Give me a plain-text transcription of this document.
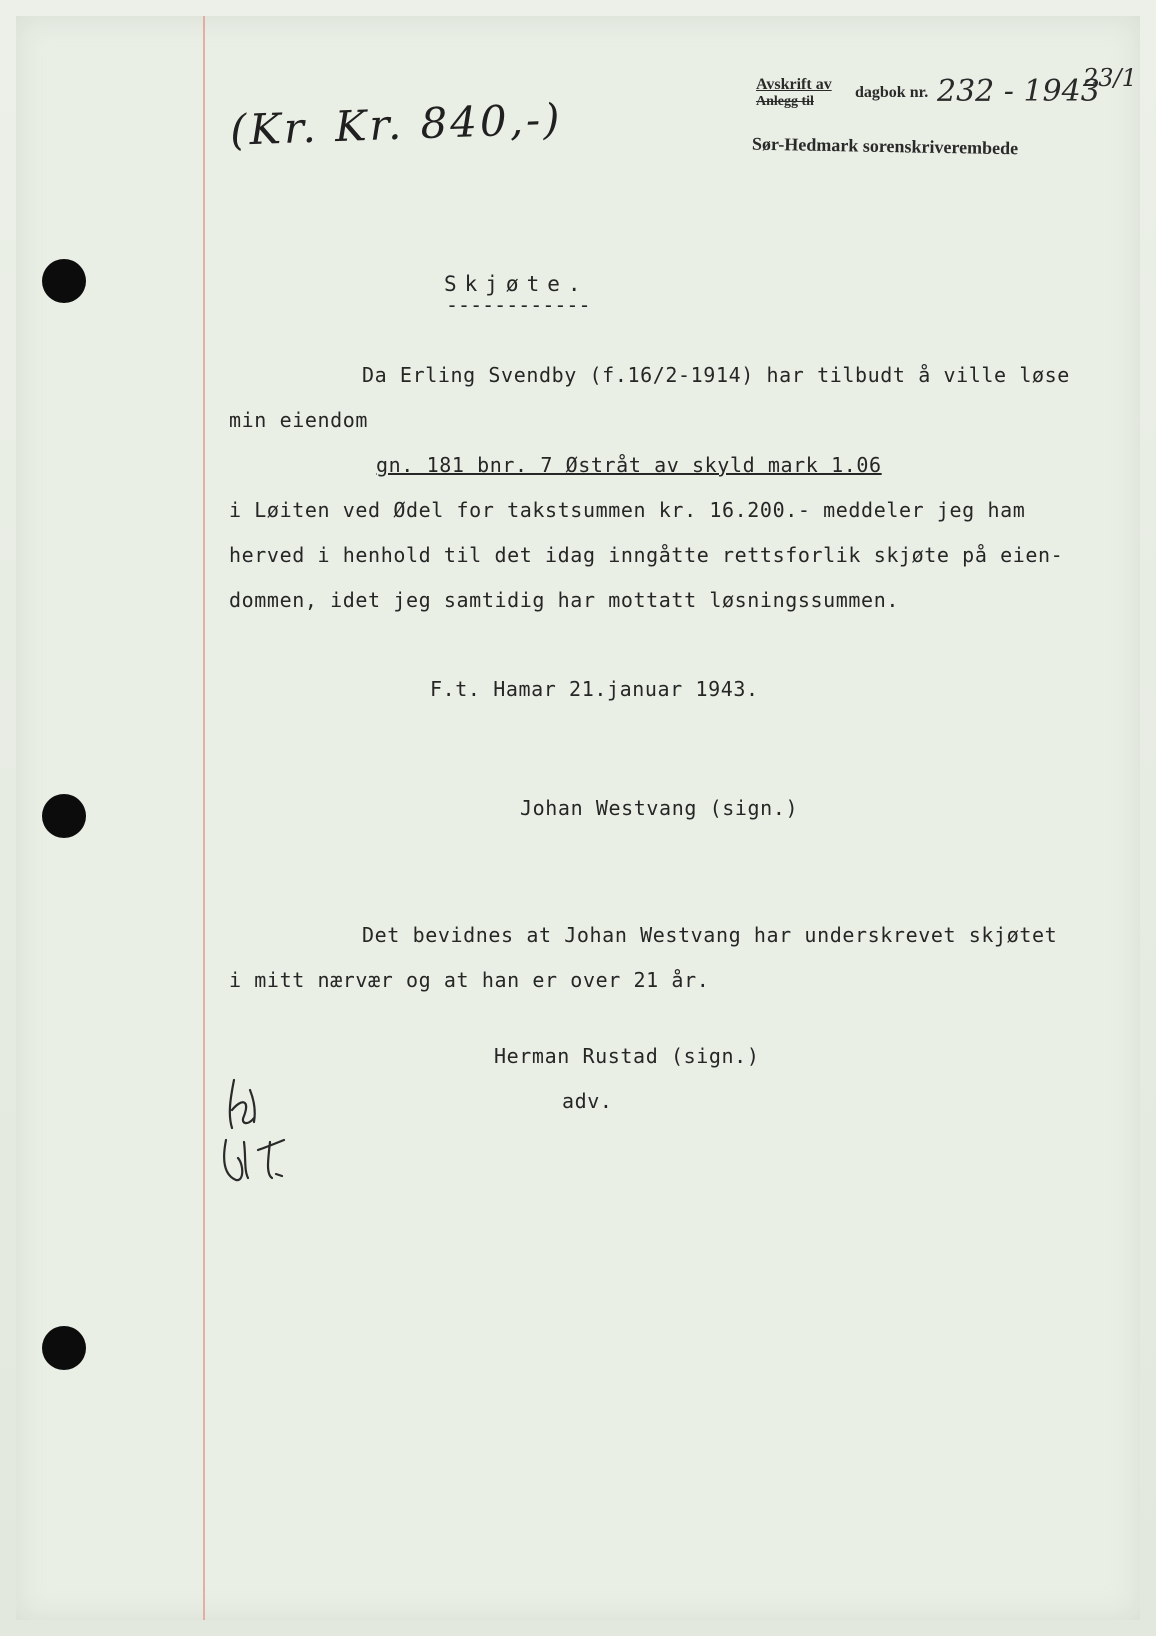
(Kr. Kr. 840,-)
Avskrift av
Anlegg til
dagbok nr. 232 - 1943
23/1
Sør-Hedmark sorenskriverembede
Skjøte.
------------
Da Erling Svendby (f.16/2-1914) har tilbudt å ville løse
min eiendom
gn. 181 bnr. 7 Østråt av skyld mark 1.06
i Løiten ved Ødel for takstsummen kr. 16.200.- meddeler jeg ham
herved i henhold til det idag inngåtte rettsforlik skjøte på eien-
dommen, idet jeg samtidig har mottatt løsningssummen.
F.t. Hamar 21.januar 1943.
Johan Westvang (sign.)
Det bevidnes at Johan Westvang har underskrevet skjøtet
i mitt nærvær og at han er over 21 år.
Herman Rustad (sign.)
adv.
